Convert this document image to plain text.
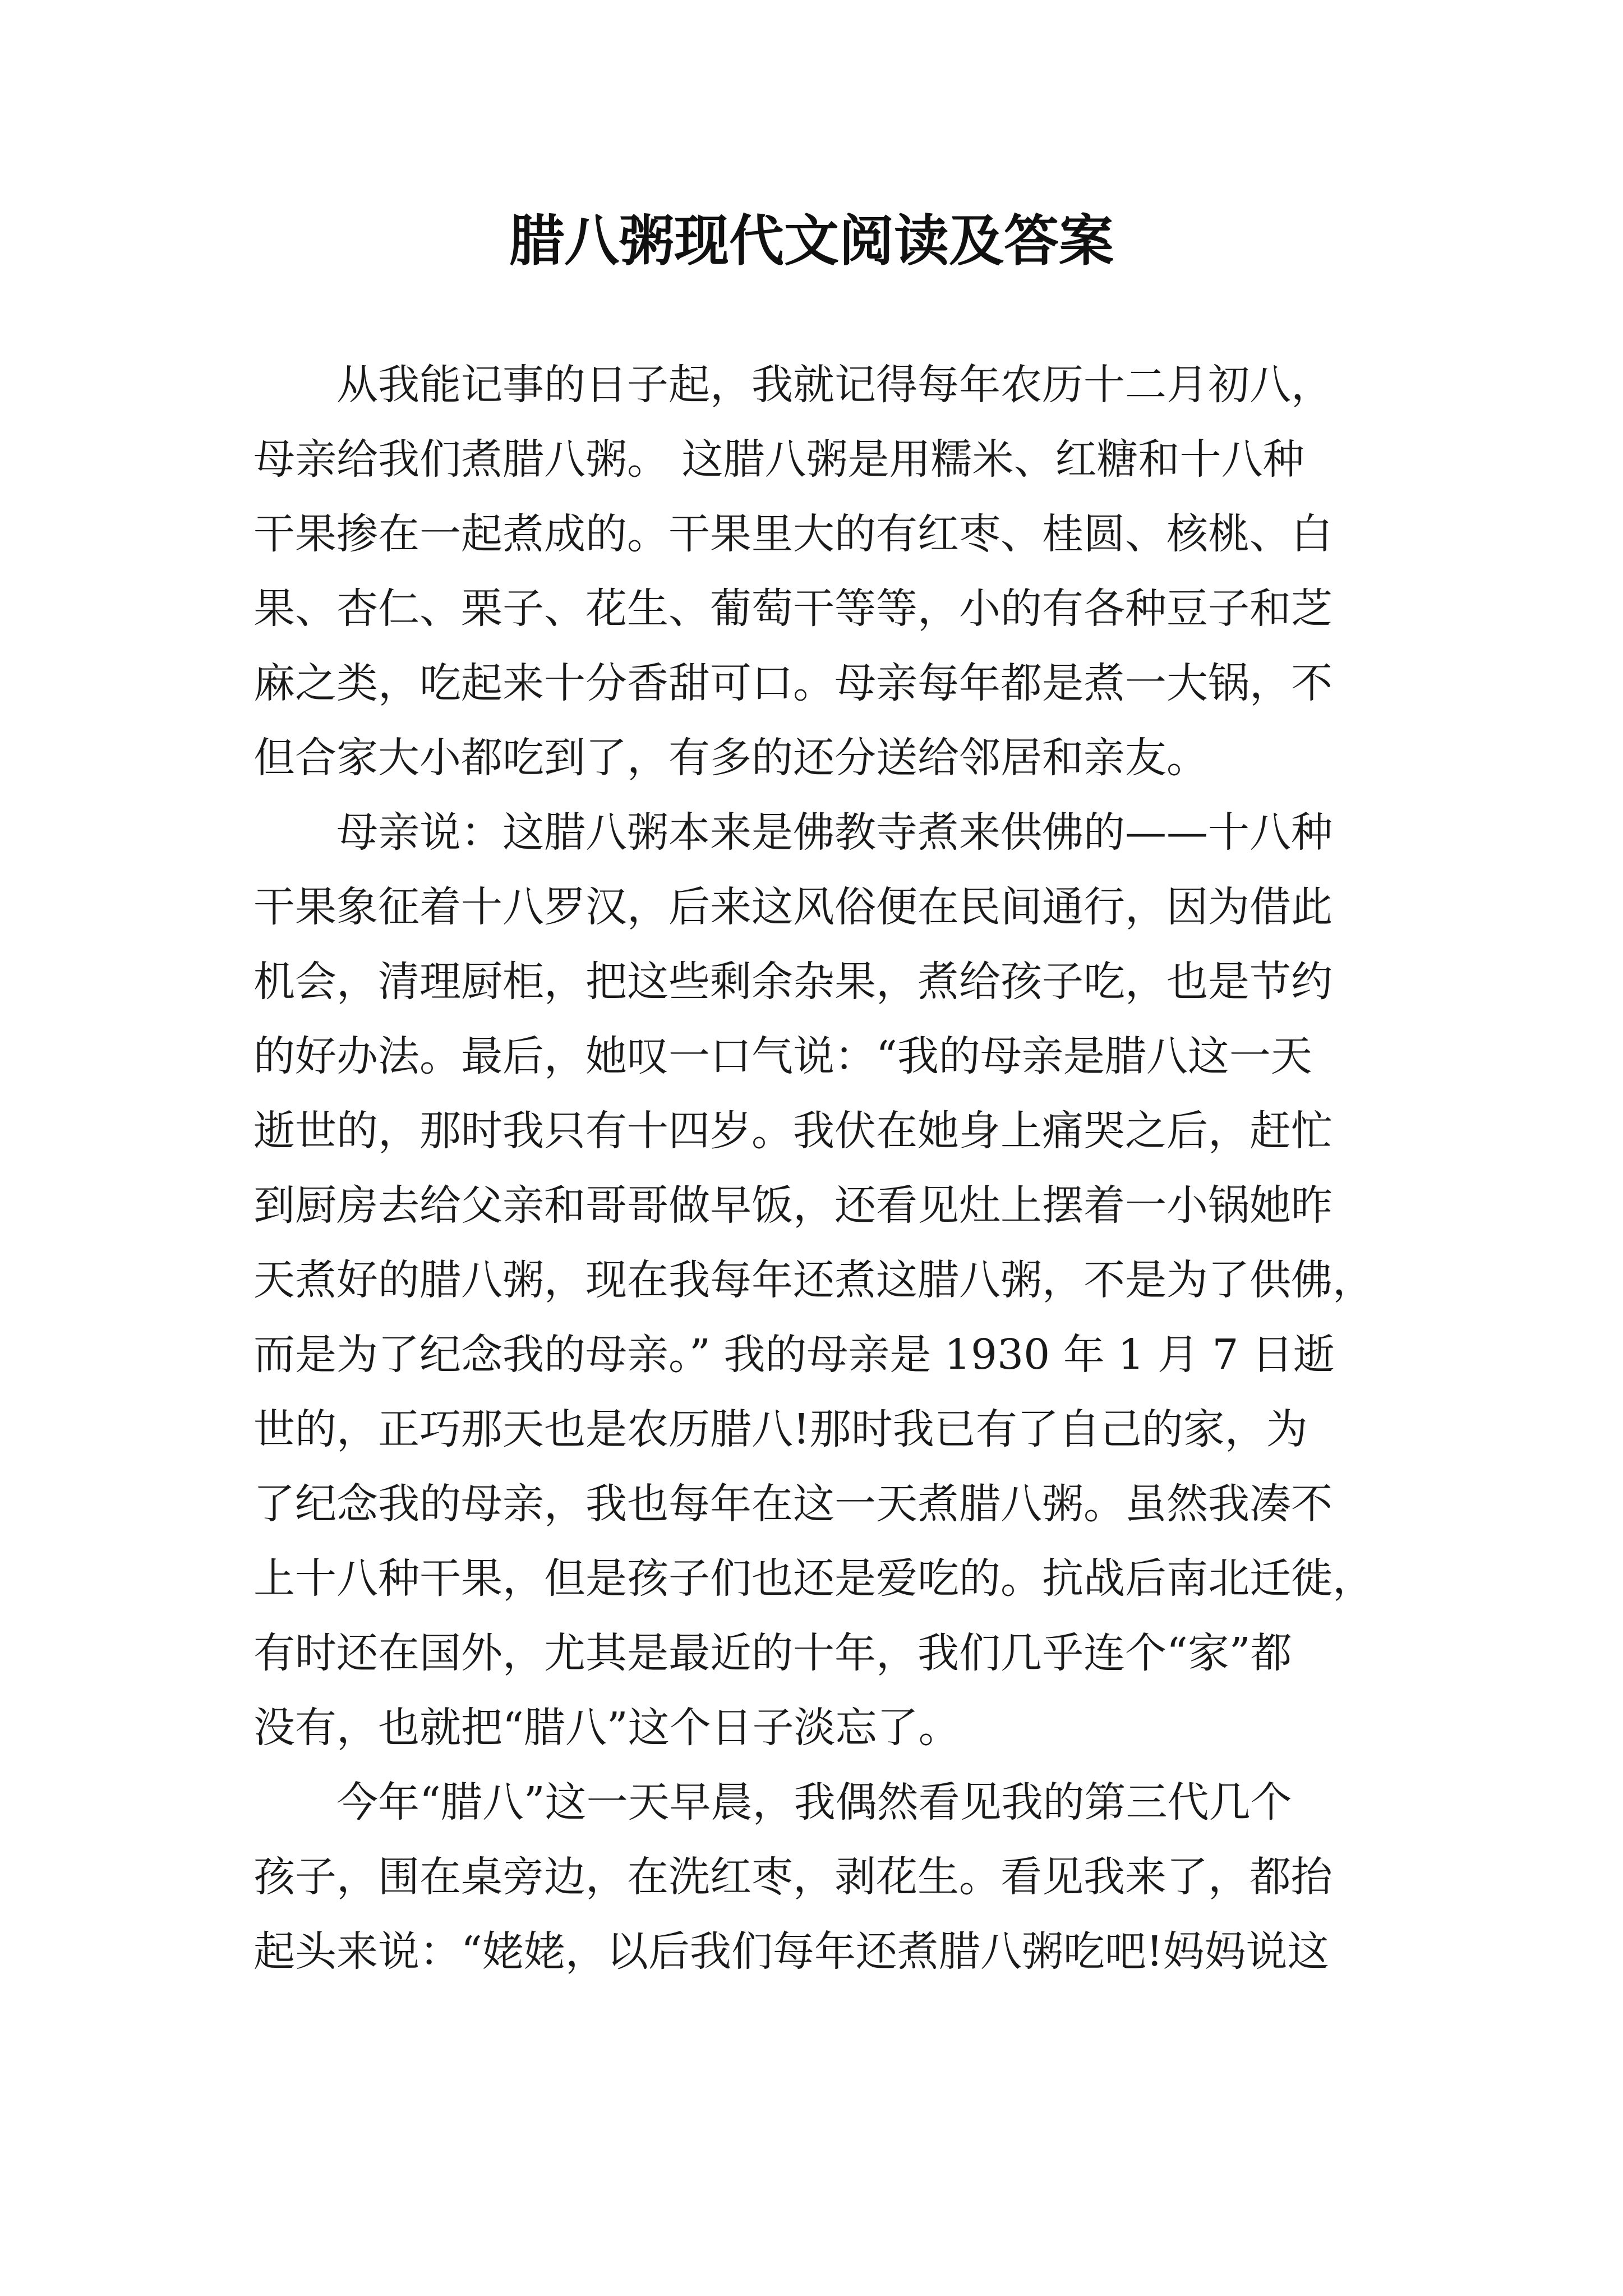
腊八粥现代文阅读及答案
从我能记事的日子起，我就记得每年农历十二月初八，
母亲给我们煮腊八粥。 这腊八粥是用糯米、红糖和十八种
干果掺在一起煮成的。干果里大的有红枣、桂圆、核桃、白
果、杏仁、栗子、花生、葡萄干等等，小的有各种豆子和芝
麻之类，吃起来十分香甜可口。母亲每年都是煮一大锅，不
但合家大小都吃到了，有多的还分送给邻居和亲友。
母亲说：这腊八粥本来是佛教寺煮来供佛的——十八种
干果象征着十八罗汉，后来这风俗便在民间通行，因为借此
机会，清理厨柜，把这些剩余杂果，煮给孩子吃，也是节约
的好办法。最后，她叹一口气说：“我的母亲是腊八这一天
逝世的，那时我只有十四岁。我伏在她身上痛哭之后，赶忙
到厨房去给父亲和哥哥做早饭，还看见灶上摆着一小锅她昨
天煮好的腊八粥，现在我每年还煮这腊八粥，不是为了供佛，
而是为了纪念我的母亲。” 我的母亲是 1930 年 1 月 7 日逝
世的，正巧那天也是农历腊八!那时我已有了自己的家，为
了纪念我的母亲，我也每年在这一天煮腊八粥。虽然我凑不
上十八种干果，但是孩子们也还是爱吃的。抗战后南北迁徙，
有时还在国外，尤其是最近的十年，我们几乎连个“家”都
没有，也就把“腊八”这个日子淡忘了。
今年“腊八”这一天早晨，我偶然看见我的第三代几个
孩子，围在桌旁边，在洗红枣，剥花生。看见我来了，都抬
起头来说：“姥姥，以后我们每年还煮腊八粥吃吧!妈妈说这
